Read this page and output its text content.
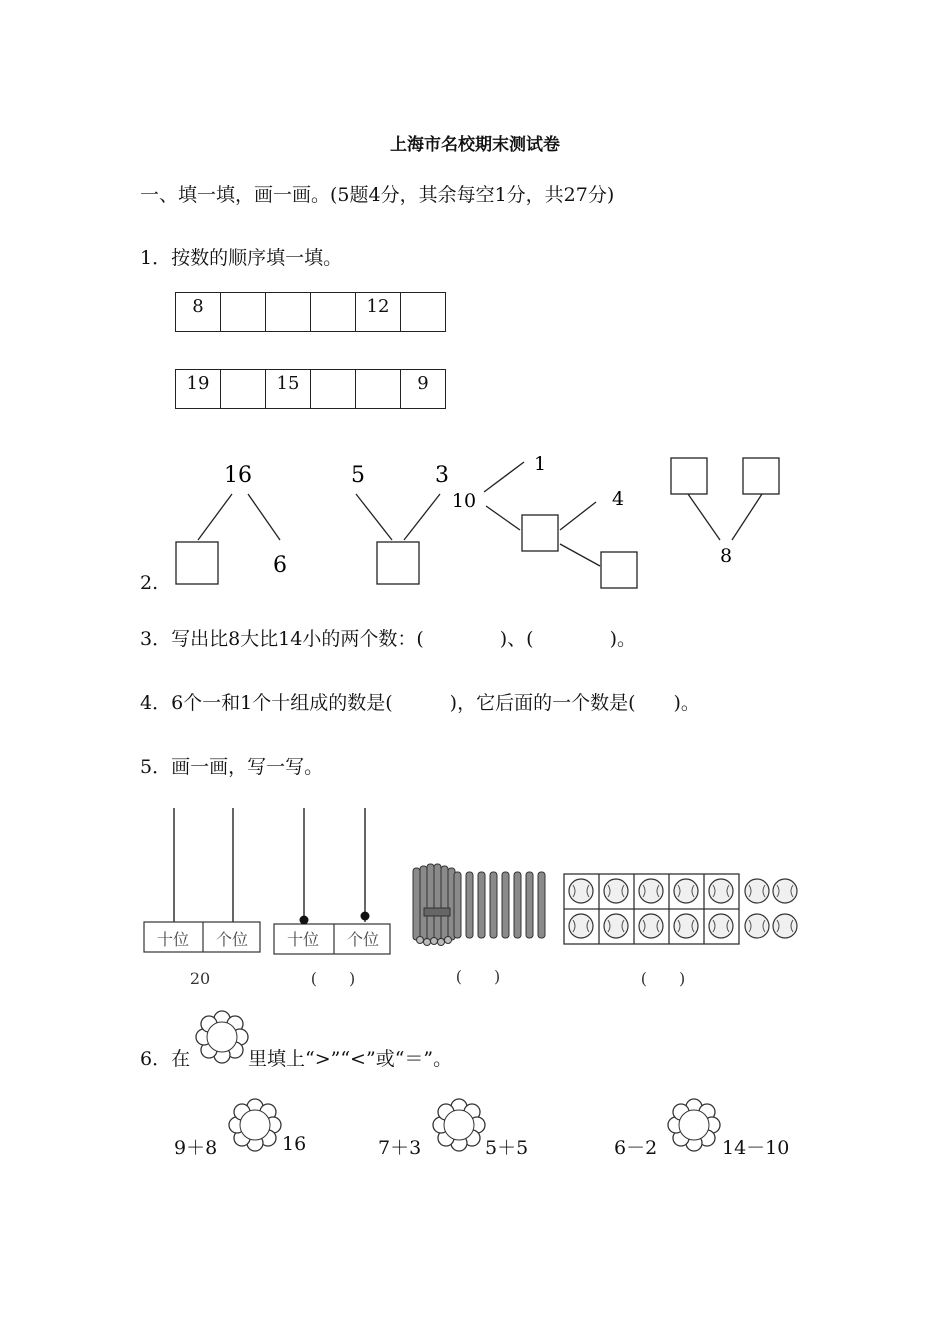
上海市名校期末测试卷
一、填一填，画一画。(5题4分，其余每空1分，共27分)
1．按数的顺序填一填。
8				12	
19		15			9
2.
16
6
5	3
10
1
4
8
3．写出比8大比14小的两个数：(　　　　)、(　　　　)。
4．6个一和1个十组成的数是(　　　)，它后面的一个数是(　　)。
5．画一画，写一写。
十位 个位
20
十位 个位
(　　)	(　　)	(　　)
6．在	里填上“>”“<”或“＝”。
9＋8	16	7＋3	5＋5	6－2	14－10
